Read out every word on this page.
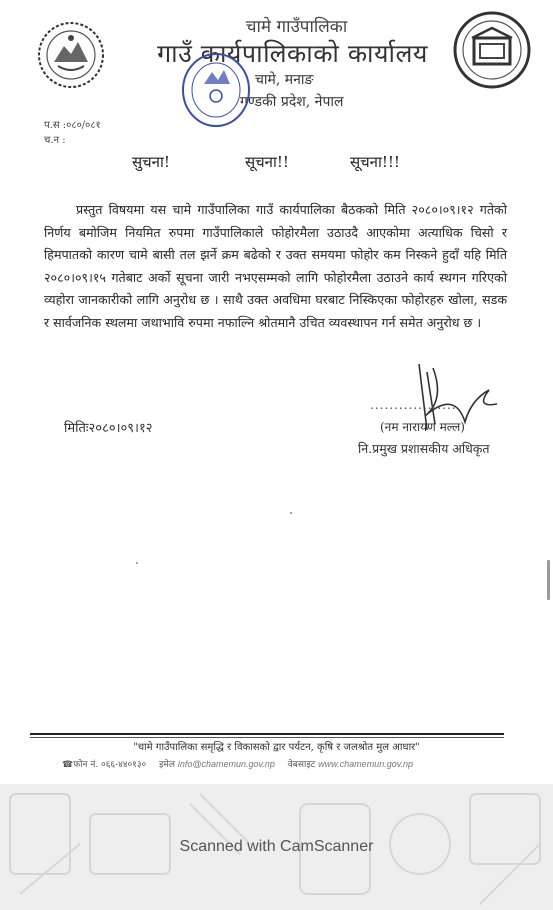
चामे गाउँपालिका
गाउँ कार्यपालिकाको कार्यालय
चामे, मनाङ
गण्डकी प्रदेश, नेपाल
प.स :०८०/०८१
च.न :
सुचना!	सूचना!!	सूचना!!!

प्रस्तुत विषयमा यस चामे गाउँपालिका गाउँ कार्यपालिका बैठकको मिति २०८०।०९।१२ गतेको निर्णय बमोजिम नियमित रुपमा गाउँपालिकाले फोहोरमैला उठाउदै आएकोमा अत्याधिक चिसो र हिमपातको कारण चामे बासी तल झर्ने क्रम बढेको र उक्त समयमा फोहोर कम निस्कने हुदाँ यहि मिति २०८०।०९।१५ गतेबाट अर्को सूचना जारी नभएसम्मको लागि फोहोरमैला उठाउने कार्य स्थगन गरिएको व्यहोरा जानकारीको लागि अनुरोध छ । साथै उक्त अवधिमा घरबाट निस्किएका फोहोरहरु खोला, सडक र सार्वजनिक स्थलमा जथाभावि रुपमा नफाल्नि श्रोतमानै उचित व्यवस्थापन गर्न समेत अनुरोध छ ।

मितिः२०८०।०९।१२
..................
(नम नारायण मल्ल)
नि.प्रमुख प्रशासकीय अधिकृत
"चामे गाउँपालिका समृद्धि र विकासको द्वार पर्यटन, कृषि र जलश्रोत मुल आधार"
☎फोन नं. ०६६-४४०१३० इमेल info@chamemun.gov.np वेबसाइट www.chamemun.gov.np
Scanned with CamScanner
